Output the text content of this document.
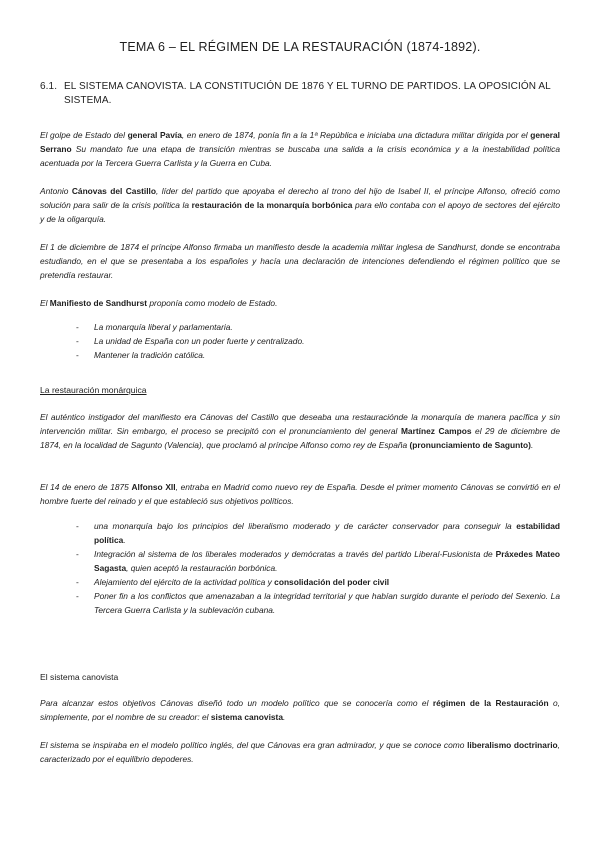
TEMA 6 – EL RÉGIMEN DE LA RESTAURACIÓN (1874-1892).
6.1. EL SISTEMA CANOVISTA. LA CONSTITUCIÓN DE 1876 Y EL TURNO DE PARTIDOS. LA OPOSICIÓN AL
SISTEMA.
El golpe de Estado del general Pavía, en enero de 1874, ponía fin a la 1ª República e iniciaba una dictadura militar dirigida por el general Serrano Su mandato fue una etapa de transición mientras se buscaba una salida a la crisis económica y a la inestabilidad política acentuada por la Tercera Guerra Carlista y la Guerra en Cuba.
Antonio Cánovas del Castillo, líder del partido que apoyaba el derecho al trono del hijo de Isabel II, el príncipe Alfonso, ofreció como solución para salir de la crisis política la restauración de la monarquía borbónica para ello contaba con el apoyo de sectores del ejército y de la oligarquía.
El 1 de diciembre de 1874 el príncipe Alfonso firmaba un manifiesto desde la academia militar inglesa de Sandhurst, donde se encontraba estudiando, en el que se presentaba a los españoles y hacía una declaración de intenciones defendiendo el régimen político que se pretendía restaurar.
El Manifiesto de Sandhurst proponía como modelo de Estado.
- La monarquía liberal y parlamentaria.
- La unidad de España con un poder fuerte y centralizado.
- Mantener la tradición católica.
La restauración monárquica
El auténtico instigador del manifiesto era Cánovas del Castillo que deseaba una restauraciónde la monarquía de manera pacífica y sin intervención militar. Sin embargo, el proceso se precipitó con el pronunciamiento del general Martínez Campos el 29 de diciembre de 1874, en la localidad de Sagunto (Valencia), que proclamó al príncipe Alfonso como rey de España (pronunciamiento de Sagunto).
El 14 de enero de 1875 Alfonso XII, entraba en Madrid como nuevo rey de España. Desde el primer momento Cánovas se convirtió en el hombre fuerte del reinado y el que estableció sus objetivos políticos.
- una monarquía bajo los principios del liberalismo moderado y de carácter conservador para conseguir la estabilidad política.
- Integración al sistema de los liberales moderados y demócratas a través del partido Liberal-Fusionista de Práxedes Mateo Sagasta, quien aceptó la restauración borbónica.
- Alejamiento del ejército de la actividad política y consolidación del poder civil
- Poner fin a los conflictos que amenazaban a la integridad territorial y que habían surgido durante el periodo del Sexenio. La Tercera Guerra Carlista y la sublevación cubana.
El sistema canovista
Para alcanzar estos objetivos Cánovas diseñó todo un modelo político que se conocería como el régimen de la Restauración o, simplemente, por el nombre de su creador: el sistema canovista.
El sistema se inspiraba en el modelo político inglés, del que Cánovas era gran admirador, y que se conoce como liberalismo doctrinario, caracterizado por el equilibrio depoderes.
